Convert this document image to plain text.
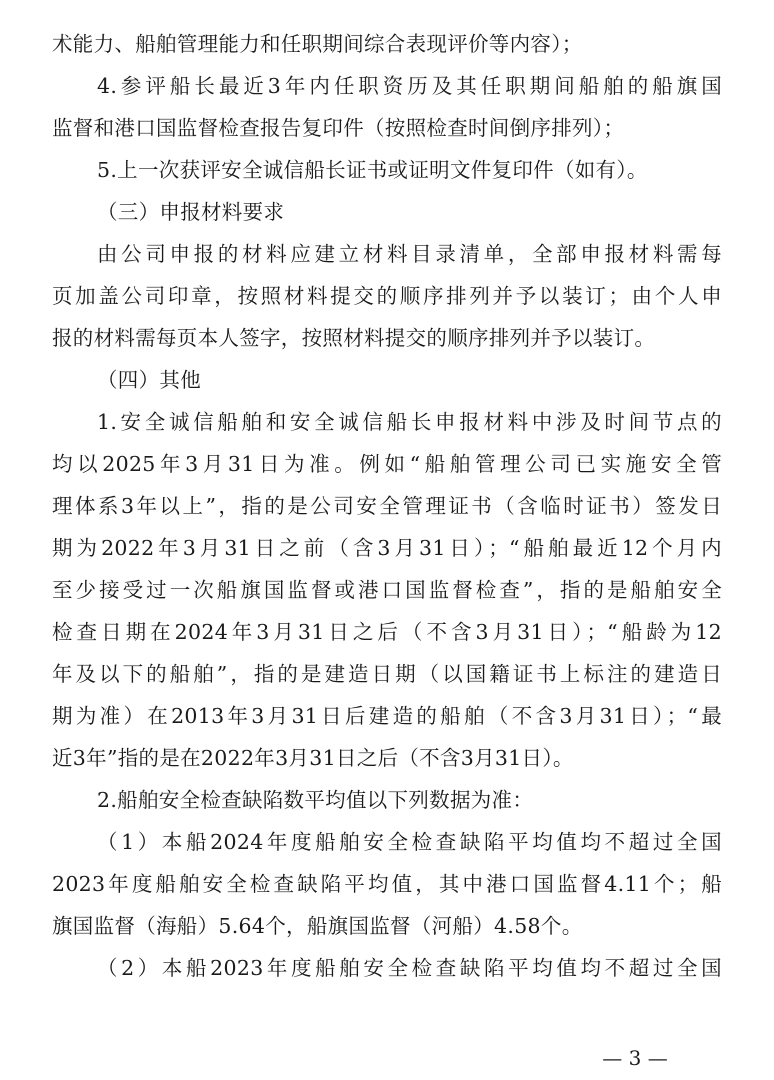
术能力、船舶管理能力和任职期间综合表现评价等内容）；
4.参评船长最近3年内任职资历及其任职期间船舶的船旗国
监督和港口国监督检查报告复印件（按照检查时间倒序排列）；
5.上一次获评安全诚信船长证书或证明文件复印件（如有）。
（三）申报材料要求
由公司申报的材料应建立材料目录清单，全部申报材料需每
页加盖公司印章，按照材料提交的顺序排列并予以装订；由个人申
报的材料需每页本人签字，按照材料提交的顺序排列并予以装订。
（四）其他
1.安全诚信船舶和安全诚信船长申报材料中涉及时间节点的
均以2025年3月31日为准。例如“船舶管理公司已实施安全管
理体系3年以上”，指的是公司安全管理证书（含临时证书）签发日
期为2022年3月31日之前（含3月31日）；“船舶最近12个月内
至少接受过一次船旗国监督或港口国监督检查”，指的是船舶安全
检查日期在2024年3月31日之后（不含3月31日）；“船龄为12
年及以下的船舶”，指的是建造日期（以国籍证书上标注的建造日
期为准）在2013年3月31日后建造的船舶（不含3月31日）；“最
近3年”指的是在2022年3月31日之后（不含3月31日）。
2.船舶安全检查缺陷数平均值以下列数据为准：
（1）本船2024年度船舶安全检查缺陷平均值均不超过全国
2023年度船舶安全检查缺陷平均值，其中港口国监督4.11个；船
旗国监督（海船）5.64个，船旗国监督（河船）4.58个。
（2）本船2023年度船舶安全检查缺陷平均值均不超过全国
— 3 —
